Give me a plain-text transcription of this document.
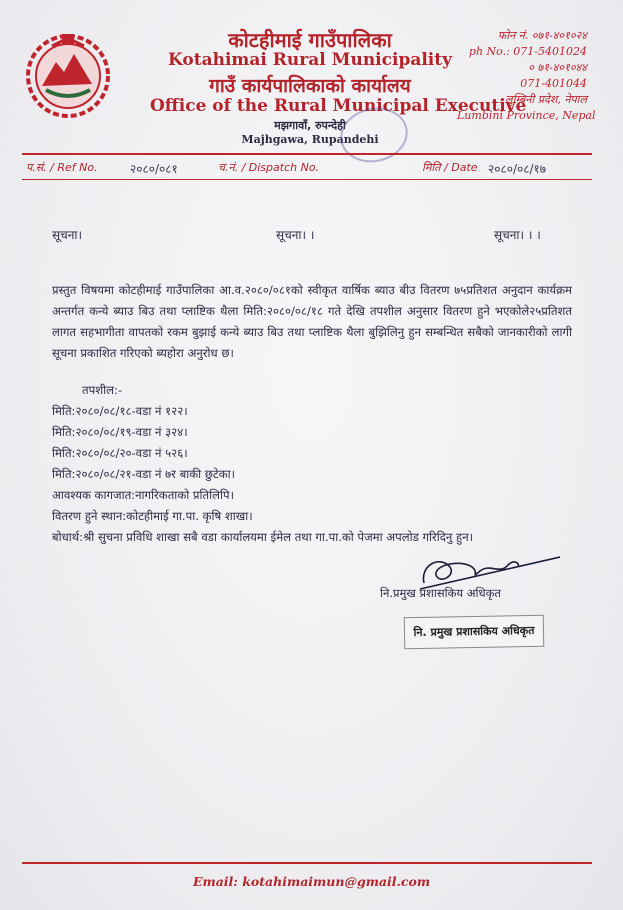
कोटहीमाई गाउँपालिका
Kotahimai Rural Municipality
गाउँ कार्यपालिकाको कार्यालय
Office of the Rural Municipal Executive
मझगावाँ, रुपन्देही
Majhgawa, Rupandehi
फोन नं. ०७१-४०१०२४
ph No.: 071-5401024
० ७१-४०१०४४
071-401044
लुम्बिनी प्रदेश, नेपाल
Lumbini Province, Nepal
प.सं. / Ref No.	२०८०/०८१	च.नं. / Dispatch No.	मिति / Date २०८०/०८/१७
सूचना।	सूचना। ।	सूचना। । ।

प्रस्तुत विषयमा कोटहीमाई गाउँपालिका आ.व.२०८०/०८१को स्वीकृत वार्षिक ब्याउ बीउ वितरण ७५प्रतिशत अनुदान कार्यक्रम अन्तर्गत कन्ये ब्याउ बिउ तथा प्लाष्टिक थैला मिति:२०८०/०८/१८ गते देखि तपशील अनुसार वितरण हुने भएकोले२५प्रतिशत लागत सहभागीता वापतको रकम बुझाई कन्ये ब्याउ बिउ तथा प्लाष्टिक थैला बुझिलिनु हुन सम्बन्धित सबैको जानकारीको लागी सूचना प्रकाशित गरिएको ब्यहोरा अनुरोध छ।

तपशील:-
मिति:२०८०/०८/१८-वडा नं १२२।
मिति:२०८०/०८/१९-वडा नं ३२४।
मिति:२०८०/०८/२०-वडा नं ५२६।
मिति:२०८०/०८/२१-वडा नं ७र बाकी छुटेका।
आवश्यक कागजात:नागरिकताको प्रतिलिपि।
वितरण हुने स्थान:कोटहीमाई गा.पा. कृषि शाखा।
बोधार्थ:श्री सुचना प्रविधि शाखा सबै वडा कार्यालयमा ईमेल तथा गा.पा.को पेजमा अपलोड गरिदिनु हुन।
नि.प्रमुख प्रशासकिय अधिकृत
नि. प्रमुख प्रशासकिय अधिकृत
Email: kotahimaimun@gmail.com
